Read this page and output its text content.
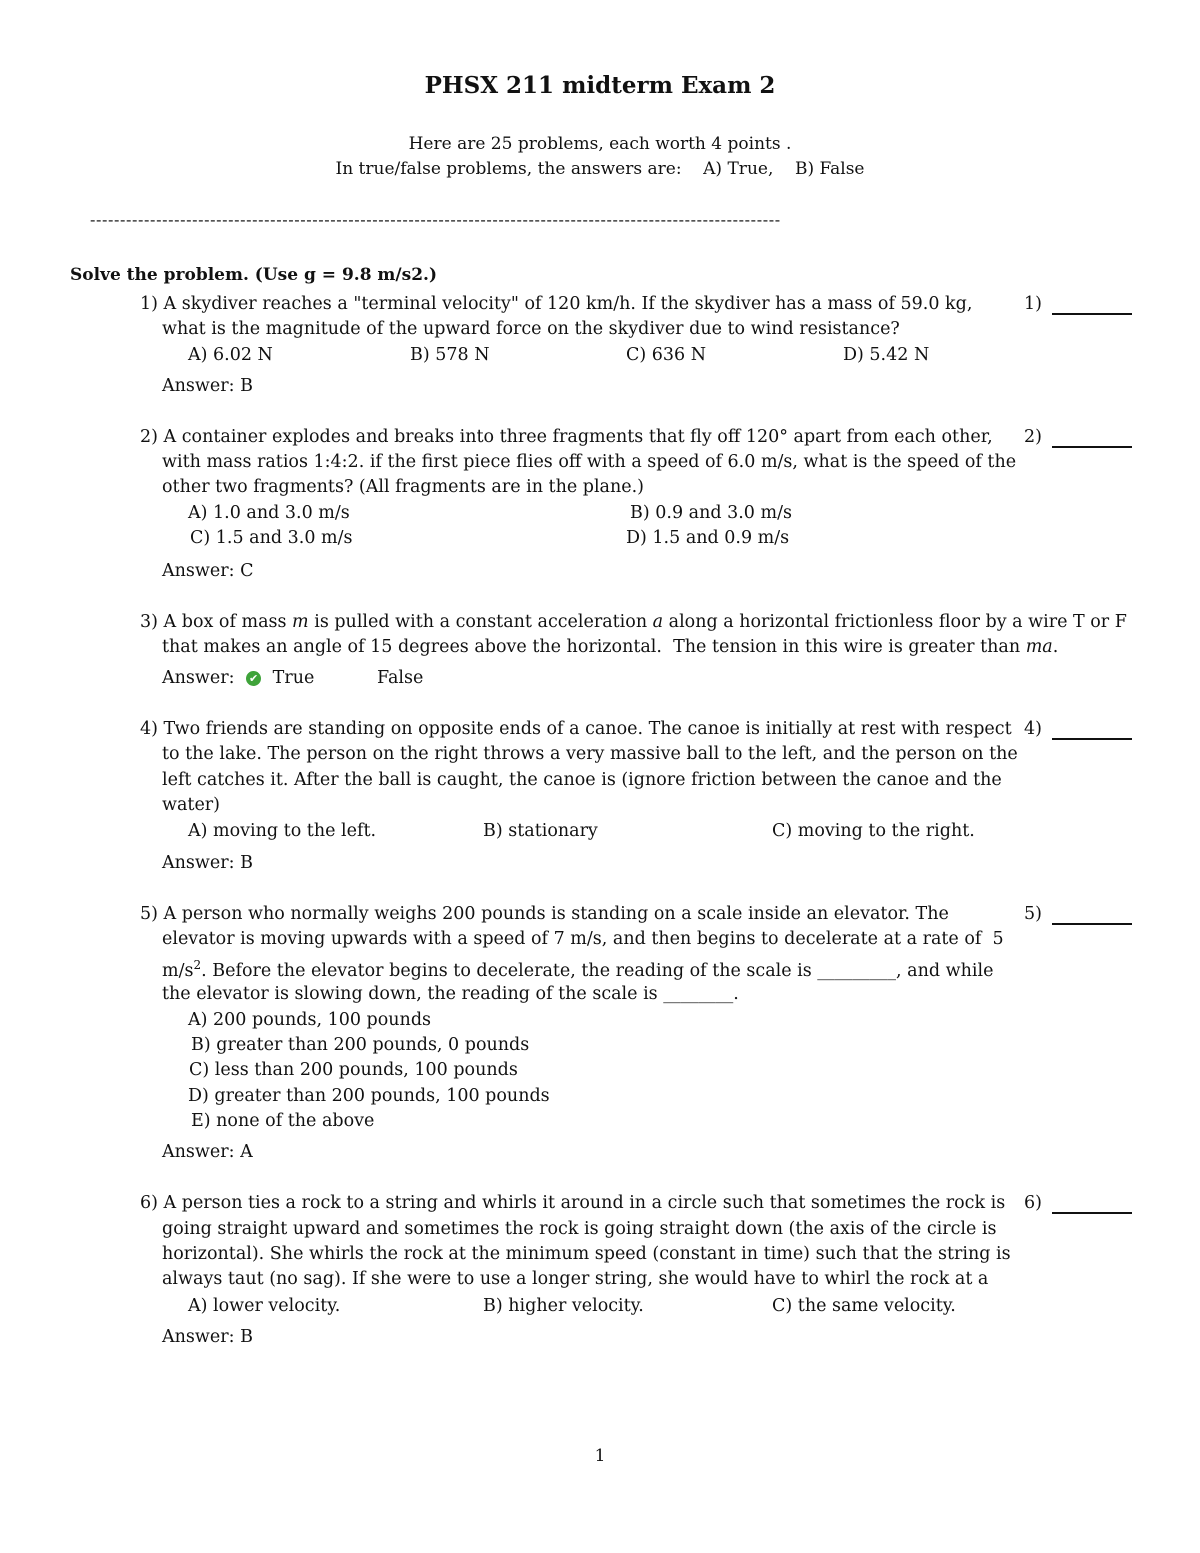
PHSX 211 midterm Exam 2
Here are 25 problems, each worth 4 points .
In true/false problems, the answers are:    A) True,    B) False
-------------------------------------------------------------------------------------------------------------------
Solve the problem. (Use g = 9.8 m/s2.)
1) A skydiver reaches a "terminal velocity" of 120 km/h. If the skydiver has a mass of 59.0 kg,	1)
what is the magnitude of the upward force on the skydiver due to wind resistance?
A) 6.02 N	B) 578 N	C) 636 N	D) 5.42 N
Answer: B
2) A container explodes and breaks into three fragments that fly off 120° apart from each other, 2)
with mass ratios 1:4:2. if the first piece flies off with a speed of 6.0 m/s, what is the speed of the
other two fragments? (All fragments are in the plane.)
A) 1.0 and 3.0 m/s	B) 0.9 and 3.0 m/s
C) 1.5 and 3.0 m/s	D) 1.5 and 0.9 m/s
Answer: C
3) A box of mass m is pulled with a constant acceleration a along a horizontal frictionless floor by a wire T or F
that makes an angle of 15 degrees above the horizontal.  The tension in this wire is greater than ma.
Answer: ✔ True	False
4) Two friends are standing on opposite ends of a canoe. The canoe is initially at rest with respect 4)
to the lake. The person on the right throws a very massive ball to the left, and the person on the
left catches it. After the ball is caught, the canoe is (ignore friction between the canoe and the
water)
A) moving to the left.	B) stationary	C) moving to the right.
Answer: B
5) A person who normally weighs 200 pounds is standing on a scale inside an elevator. The	5)
elevator is moving upwards with a speed of 7 m/s, and then begins to decelerate at a rate of  5
$m/s^2$. Before the elevator begins to decelerate, the reading of the scale is _________, and while
the elevator is slowing down, the reading of the scale is ________.
A) 200 pounds, 100 pounds
B) greater than 200 pounds, 0 pounds
C) less than 200 pounds, 100 pounds
D) greater than 200 pounds, 100 pounds
E) none of the above
Answer: A
6) A person ties a rock to a string and whirls it around in a circle such that sometimes the rock is 6)
going straight upward and sometimes the rock is going straight down (the axis of the circle is
horizontal). She whirls the rock at the minimum speed (constant in time) such that the string is
always taut (no sag). If she were to use a longer string, she would have to whirl the rock at a
A) lower velocity.	B) higher velocity.	C) the same velocity.
Answer: B
1
